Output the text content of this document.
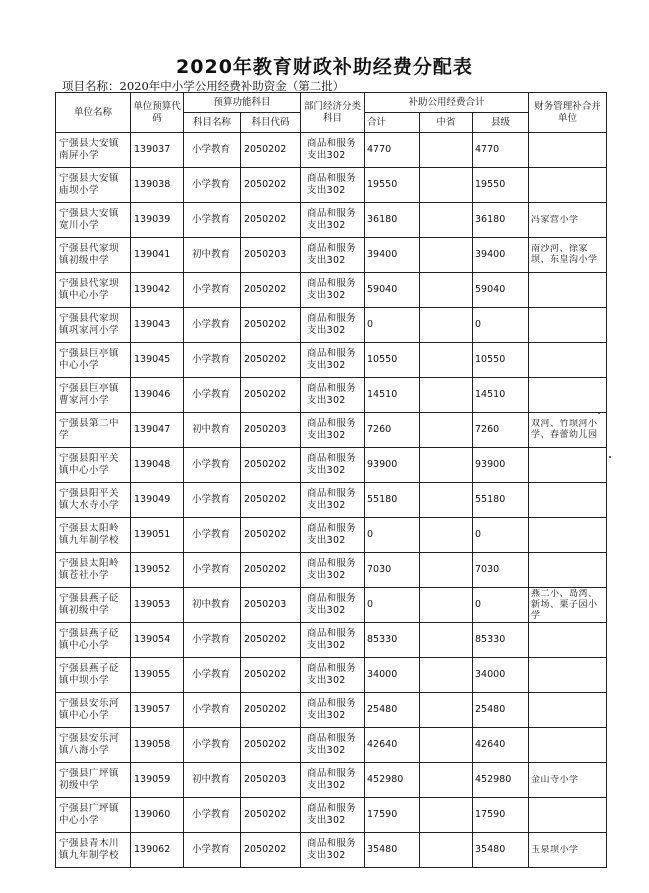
2020年教育财政补助经费分配表
项目名称：2020年中小学公用经费补助资金（第二批）
单位名称	单位预算代码	预算功能科目		部门经济分类科目	补助公用经费合计			财务管理补合并单位
		科目名称	科目代码		合计	中省	县级	

宁强县大安镇南屏小学	139037	小学教育	2050202	商品和服务支出302	4770		4770	

宁强县大安镇庙坝小学	139038	小学教育	2050202	商品和服务支出302	19550		19550	

宁强县大安镇宽川小学	139039	小学教育	2050202	商品和服务支出302	36180		36180	冯家营小学

宁强县代家坝镇初级中学	139041	初中教育	2050203	商品和服务支出302	39400		39400	南沙河、徐家坝、东皇沟小学

宁强县代家坝镇中心小学	139042	小学教育	2050202	商品和服务支出302	59040		59040	

宁强县代家坝镇巩家河小学	139043	小学教育	2050202	商品和服务支出302	0		0	

宁强县巨亭镇中心小学	139045	小学教育	2050202	商品和服务支出302	10550		10550	

宁强县巨亭镇曹家河小学	139046	小学教育	2050202	商品和服务支出302	14510		14510	

宁强县第二中学	139047	初中教育	2050203	商品和服务支出302	7260		7260	双河、竹坝河小学、春蕾幼儿园

宁强县阳平关镇中心小学	139048	小学教育	2050202	商品和服务支出302	93900		93900	

宁强县阳平关镇大水寺小学	139049	小学教育	2050202	商品和服务支出302	55180		55180	

宁强县太阳岭镇九年制学校	139051	小学教育	2050202	商品和服务支出302	0		0	

宁强县太阳岭镇苍社小学	139052	小学教育	2050202	商品和服务支出302	7030		7030	

宁强县燕子砭镇初级中学	139053	初中教育	2050203	商品和服务支出302	0		0	燕二小、岛湾、新场、栗子园小学

宁强县燕子砭镇中心小学	139054	小学教育	2050202	商品和服务支出302	85330		85330	

宁强县燕子砭镇中坝小学	139055	小学教育	2050202	商品和服务支出302	34000		34000	

宁强县安乐河镇中心小学	139057	小学教育	2050202	商品和服务支出302	25480		25480	

宁强县安乐河镇八海小学	139058	小学教育	2050202	商品和服务支出302	42640		42640	

宁强县广坪镇初级中学	139059	初中教育	2050203	商品和服务支出302	452980		452980	金山寺小学

宁强县广坪镇中心小学	139060	小学教育	2050202	商品和服务支出302	17590		17590	

宁强县青木川镇九年制学校	139062	小学教育	2050202	商品和服务支出302	35480		35480	玉泉坝小学
